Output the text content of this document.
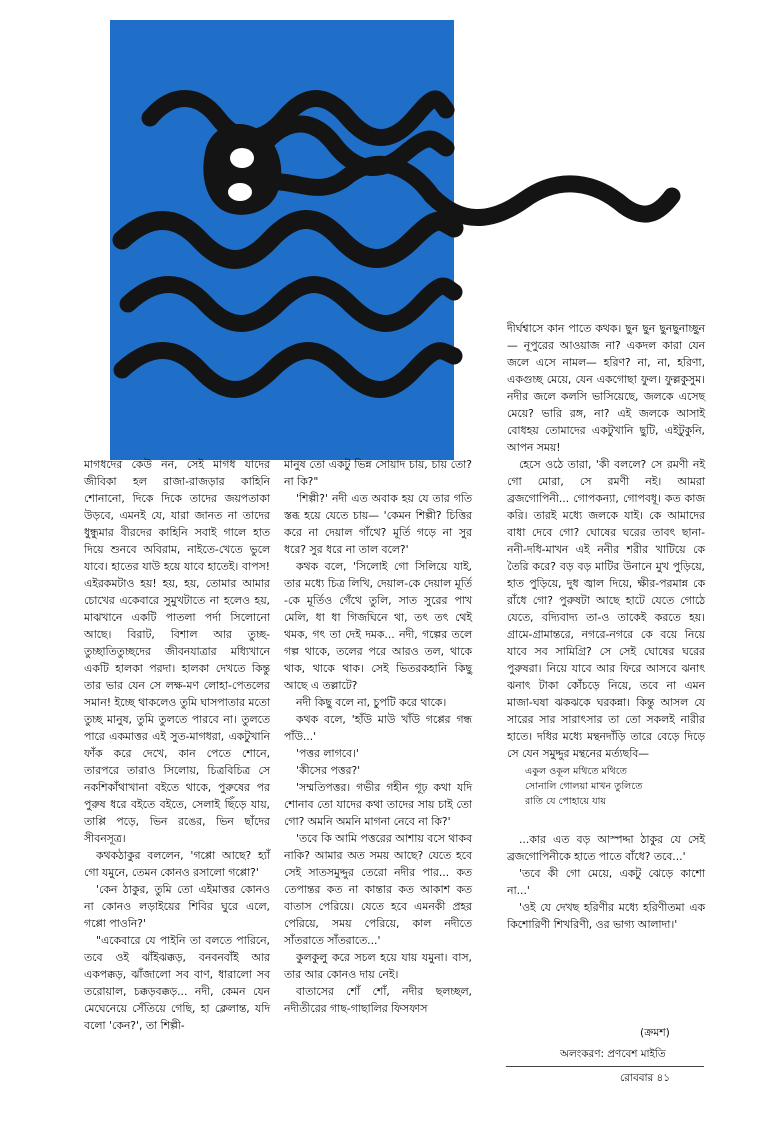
মাগধদের কেউ নন, সেই মাগধ যাদের জীবিকা হল রাজা-রাজড়ার কাহিনি শোনানো, দিকে দিকে তাদের জয়পতাকা উড়বে, এমনই যে, যারা জানত না তাদের ধুন্ধুমার বীরদের কাহিনি সবাই গালে হাত দিয়ে শুনবে অবিরাম, নাইতে-খেতে ভুলে যাবে। হাতের যাউ হয়ে যাবে হাতেই। বাপস! এইরকমটাও হয়! হয়, হয়, তোমার আমার চোখের একেবারে সুমুখটাতে না হলেও হয়, মাঝখানে একটি পাতলা পর্দা সিলোনো আছে। বিরাট, বিশাল আর তুচ্ছ-তুচ্ছাতিতুচ্ছদের জীবনযাত্রার মধ্যিখানে একটি হালকা পরদা। হালকা দেখতে কিন্তু তার ভার যেন সে লক্ষ-মণ লোহা-পেতলের সমান! ইচ্ছে থাকলেও তুমি ঘাসপাতার মতো তুচ্ছ মানুষ, তুমি তুলতে পারবে না। তুলতে পারে একমাত্তর এই সুত-মাগধরা, একটুখানি ফাঁক করে দেখে, কান পেতে শোনে, তারপরে তারাও সিলোয়, চিত্রবিচিত্র সে নকশিকাঁথাখানা বইতে থাকে, পুরুষের পর পুরুষ ধরে বইতে বইতে, সেলাই ছিঁড়ে যায়, তাপ্পি পড়ে, ভিন রঙের, ভিন ছাঁদের সীবনসূত্র।

কথকঠাকুর বললেন, 'গপ্পো আছে? হ্যাঁ গো যমুনে, তেমন কোনও রসালো গপ্পো?'

'কেন ঠাকুর, তুমি তো এইমাত্তর কোনও না কোনও লড়াইয়ের শিবির ঘুরে এলে, গপ্পো পাওনি?'

"একেবারে যে পাইনি তা বলতে পারিনে, তবে ওই ঝাঁইঝক্কড়, বনবনবাঁই আর একপক্কড়, ঝাঁজালো সব বাণ, ধারালো সব তরোয়াল, চক্কড়বক্কড়... নদী, কেমন যেন মেঘেনেয়ে সেঁতিয়ে গেছি, হা ক্লেলান্ত, যদি বলো 'কেন?', তা শিল্পী-

মানুষ তো একটু ভিন্ন সোয়াদ চায়, চায় তো? না কি?"

'শিল্পী?' নদী এত অবাক হয় যে তার গতি স্তব্ধ হয়ে যেতে চায়— 'কেমন শিল্পী? চিত্তির করে না দেয়াল গাঁথে? মূর্তি গড়ে না সুর ধরে? সুর ধরে না তাল বলে?'

কথক বলে, 'সিলোই গো সিলিয়ে যাই, তার মধ্যে চিত্র লিখি, দেয়াল-কে দেয়াল মূর্তি -কে মূর্তিও গেঁথে তুলি, সাত সুরের পাখ মেলি, ধা ধা গিজঘিনে থা, তৎ তৎ থেই থমক, গৎ তা দেই দমক... নদী, গল্পের তলে গল্প থাকে, তলের পরে আরও তল, থাকে থাক, থাকে থাক। সেই ভিতরকহানি কিছু আছে এ তল্লাটে?

নদী কিছু বলে না, চুপটি করে থাকে।

কথক বলে, 'হাঁউ মাউ খাঁউ গপ্পের গন্ধ পাঁউ...'

'পত্তর লাগবে।'

'কীসের পত্তর?'

'সম্মতিপত্তর। গভীর গহীন গূঢ় কথা যদি শোনাব তো যাদের কথা তাদের সায় চাই তো গো? অমনি অমনি মাগনা নেবে না কি?'

'তবে কি আমি পত্তরের আশায় বসে থাকব নাকি? আমার অত সময় আছে? যেতে হবে সেই সাতসমুদ্দুর তেরো নদীর পার... কত তেপান্তর কত না কান্তার কত আকাশ কত বাতাস পেরিয়ে। যেতে হবে এমনকী প্রহর পেরিয়ে, সময় পেরিয়ে, কাল নদীতে সাঁতরাতে সাঁতরাতে...'

কুলকুলু করে সচল হয়ে যায় যমুনা। বাস, তার আর কোনও দায় নেই।

বাতাসের শোঁ শোঁ, নদীর ছলচ্ছল, নদীতীরের গাছ-গাছালির ফিসফাস

দীর্ঘশ্বাসে কান পাতে কথক। ছুন ছুন ছুনছুনাচ্ছুন— নূপুরের আওয়াজ না? একদল কারা যেন জলে এসে নামল— হরিণ? না, না, হরিণা, একগুচ্ছ মেয়ে, যেন একগোছা ফুল। ফুল্লকুসুম। নদীর জলে কলসি ভাসিয়েছে, জলকে এসেছ মেয়ে? ভারি রঙ্গ, না? এই জলকে আসাই বোধহয় তোমাদের একটুখানি ছুটি, এইটুকুনি, আপন সময়!

হেসে ওঠে তারা, 'কী বললে? সে রমণী নই গো মোরা, সে রমণী নই। আমরা ব্রজগোপিনী... গোপকন্যা, গোপবধূ। কত কাজ করি। তারই মধ্যে জলকে যাই। কে আমাদের বাধা দেবে গো? ঘোষের ঘরের তাবৎ ছানা-ননী-দধি-মাখন এই ননীর শরীর খাটিয়ে কে তৈরি করে? বড় বড় মাটির উনানে মুখ পুড়িয়ে, হাত পুড়িয়ে, দুধ জ্বাল দিয়ে, ক্ষীর-পরমান্ন কে রাঁধে গো? পুরুষটা আছে হাটে যেতে গোঠে যেতে, বদ্যিবাদ্য তা-ও তাকেই করতে হয়। গ্রামে-গ্রামান্তরে, নগরে-নগরে কে বয়ে নিয়ে যাবে সব সামিগ্রি? সে সেই ঘোষের ঘরের পুরুষরা। নিয়ে যাবে আর ফিরে আসবে ঝনাৎ ঝনাৎ টাকা কোঁচড়ে নিয়ে, তবে না এমন মাজা-ঘষা ঝকঝকে ঘরকন্না। কিন্তু আসল যে সারের সার সারাৎসার তা তো সকলই নারীর হাতে। দধির মধ্যে মন্থনদাঁড়ি তারে বেড়ে দিড়ে সে যেন সমুদ্দুর মন্থনের মর্ত্যছবি—

একুল ওকূল মথিতে মথিতে
সোনালি গোলয়া মাখন তুলিতে
রাতি যে পোহায়ে যায়

...কার এত বড় আস্পদ্দা ঠাকুর যে সেই ব্রজগোপিনীকে হাতে পাতে বাঁধে? তবে...'

'তবে কী গো মেয়ে, একটু ঝেড়ে কাশো না...'

'ওই যে দেখছ হরিণীর মধ্যে হরিণীতমা এক কিশোরিণী শিখরিণী, ওর ভাগ্য আলাদা।'

(ক্রমশ)
অলংকরণ: প্রণবেশ মাইতি
রোববার ৪১
